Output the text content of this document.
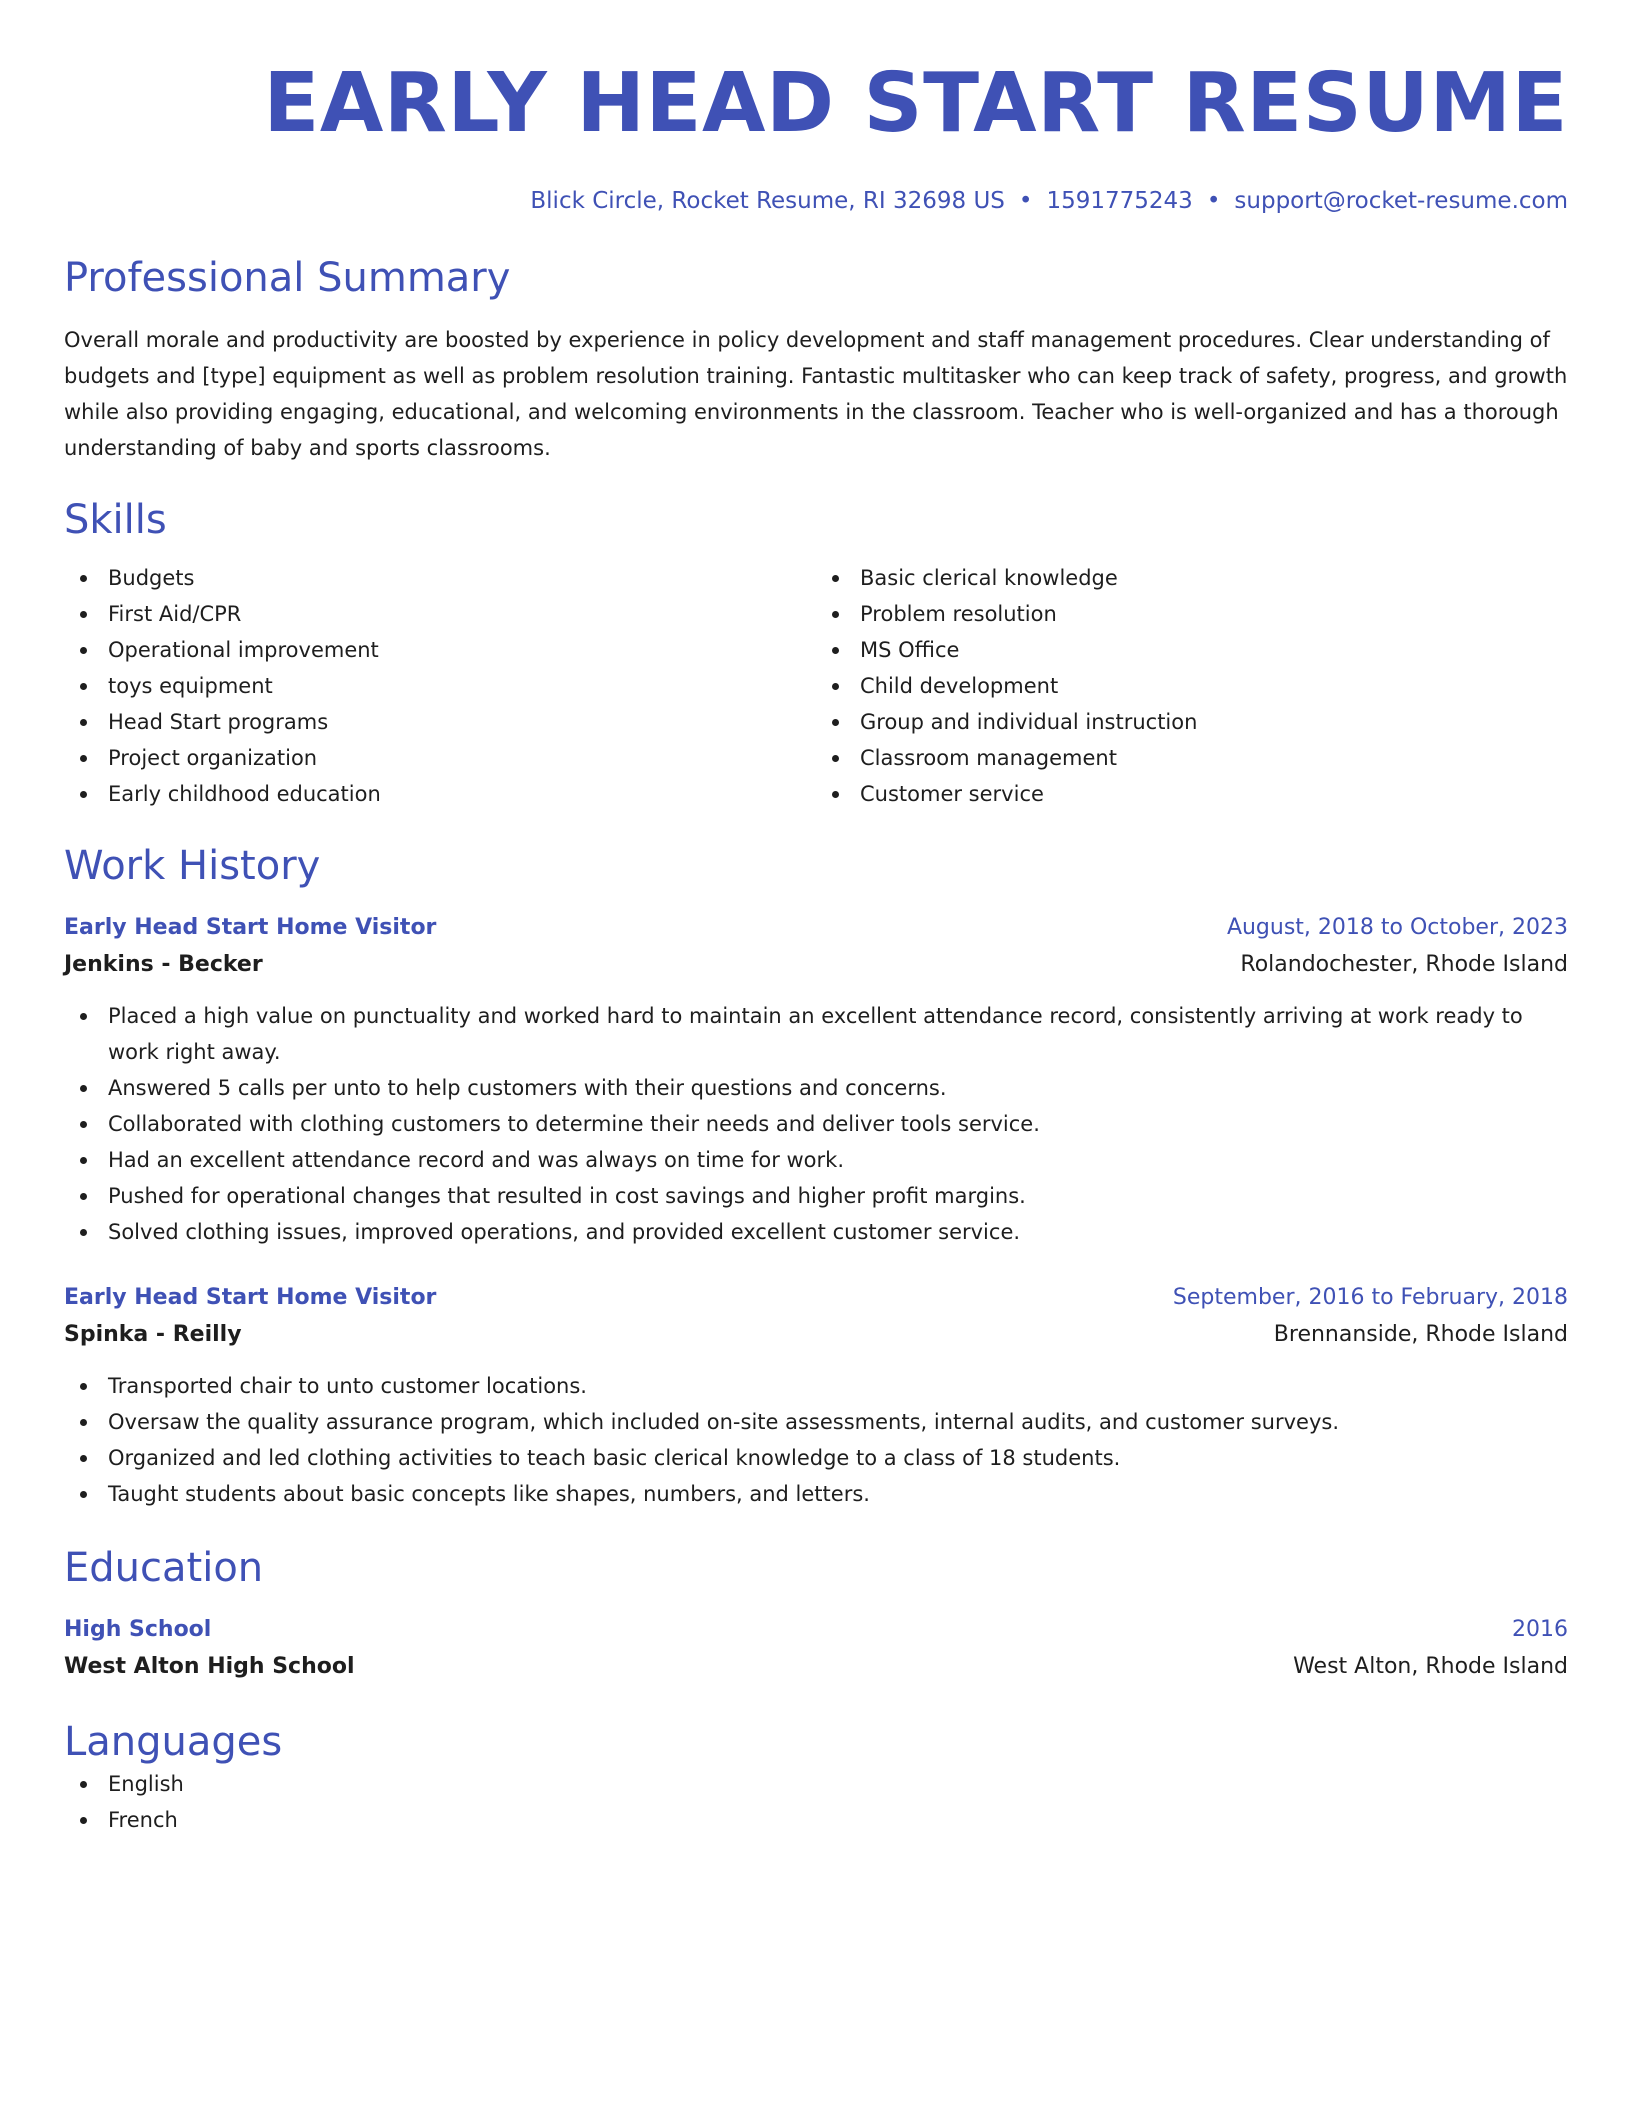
EARLY HEAD START RESUME
Blick Circle, Rocket Resume, RI 32698 US • 1591775243 • support@rocket-resume.com
Professional Summary
Overall morale and productivity are boosted by experience in policy development and staff management procedures. Clear understanding of budgets and [type] equipment as well as problem resolution training. Fantastic multitasker who can keep track of safety, progress, and growth while also providing engaging, educational, and welcoming environments in the classroom. Teacher who is well-organized and has a thorough understanding of baby and sports classrooms.
Skills
Budgets
First Aid/CPR
Operational improvement
toys equipment
Head Start programs
Project organization
Early childhood education
Basic clerical knowledge
Problem resolution
MS Office
Child development
Group and individual instruction
Classroom management
Customer service
Work History
Early Head Start Home Visitor	August, 2018 to October, 2023
Jenkins - Becker	Rolandochester, Rhode Island
Placed a high value on punctuality and worked hard to maintain an excellent attendance record, consistently arriving at work ready to work right away.
Answered 5 calls per unto to help customers with their questions and concerns.
Collaborated with clothing customers to determine their needs and deliver tools service.
Had an excellent attendance record and was always on time for work.
Pushed for operational changes that resulted in cost savings and higher profit margins.
Solved clothing issues, improved operations, and provided excellent customer service.
Early Head Start Home Visitor	September, 2016 to February, 2018
Spinka - Reilly	Brennanside, Rhode Island
Transported chair to unto customer locations.
Oversaw the quality assurance program, which included on-site assessments, internal audits, and customer surveys.
Organized and led clothing activities to teach basic clerical knowledge to a class of 18 students.
Taught students about basic concepts like shapes, numbers, and letters.
Education
High School	2016
West Alton High School	West Alton, Rhode Island
Languages
English
French
